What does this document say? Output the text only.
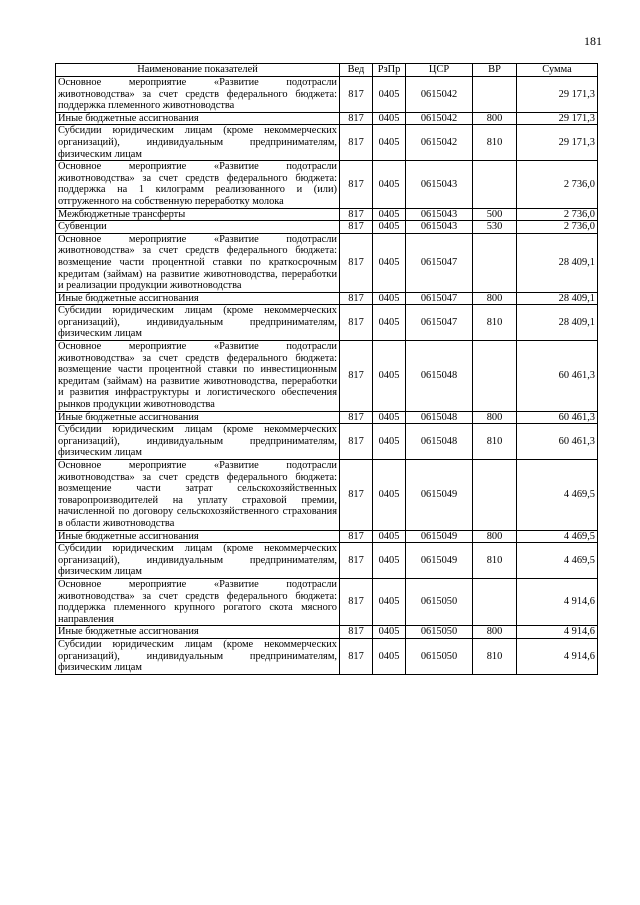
181
Наименование показателей	Вед	РзПр	ЦСР	ВР	Сумма
Основное мероприятие «Развитие подотрасли животноводства» за счет средств федерального бюджета: поддержка племенного животноводства	817	0405	0615042		29 171,3
Иные бюджетные ассигнования	817	0405	0615042	800	29 171,3
Субсидии юридическим лицам (кроме некоммерческих организаций), индивидуальным предпринимателям, физическим лицам	817	0405	0615042	810	29 171,3
Основное мероприятие «Развитие подотрасли животноводства» за счет средств федерального бюджета: поддержка на 1 килограмм реализованного и (или) отгруженного на собственную переработку молока	817	0405	0615043		2 736,0
Межбюджетные трансферты	817	0405	0615043	500	2 736,0
Субвенции	817	0405	0615043	530	2 736,0
Основное мероприятие «Развитие подотрасли животноводства» за счет средств федерального бюджета: возмещение части процентной ставки по краткосрочным кредитам (займам) на развитие животноводства, переработки и реализации продукции животноводства	817	0405	0615047		28 409,1
Иные бюджетные ассигнования	817	0405	0615047	800	28 409,1
Субсидии юридическим лицам (кроме некоммерческих организаций), индивидуальным предпринимателям, физическим лицам	817	0405	0615047	810	28 409,1
Основное мероприятие «Развитие подотрасли животноводства» за счет средств федерального бюджета: возмещение части процентной ставки по инвестиционным кредитам (займам) на развитие животноводства, переработки и развития инфраструктуры и логистического обеспечения рынков продукции животноводства	817	0405	0615048		60 461,3
Иные бюджетные ассигнования	817	0405	0615048	800	60 461,3
Субсидии юридическим лицам (кроме некоммерческих организаций), индивидуальным предпринимателям, физическим лицам	817	0405	0615048	810	60 461,3
Основное мероприятие «Развитие подотрасли животноводства» за счет средств федерального бюджета: возмещение части затрат сельскохозяйственных товаропроизводителей на уплату страховой премии, начисленной по договору сельскохозяйственного страхования в области животноводства	817	0405	0615049		4 469,5
Иные бюджетные ассигнования	817	0405	0615049	800	4 469,5
Субсидии юридическим лицам (кроме некоммерческих организаций), индивидуальным предпринимателям, физическим лицам	817	0405	0615049	810	4 469,5
Основное мероприятие «Развитие подотрасли животноводства» за счет средств федерального бюджета: поддержка племенного крупного рогатого скота мясного направления	817	0405	0615050		4 914,6
Иные бюджетные ассигнования	817	0405	0615050	800	4 914,6
Субсидии юридическим лицам (кроме некоммерческих организаций), индивидуальным предпринимателям, физическим лицам	817	0405	0615050	810	4 914,6
